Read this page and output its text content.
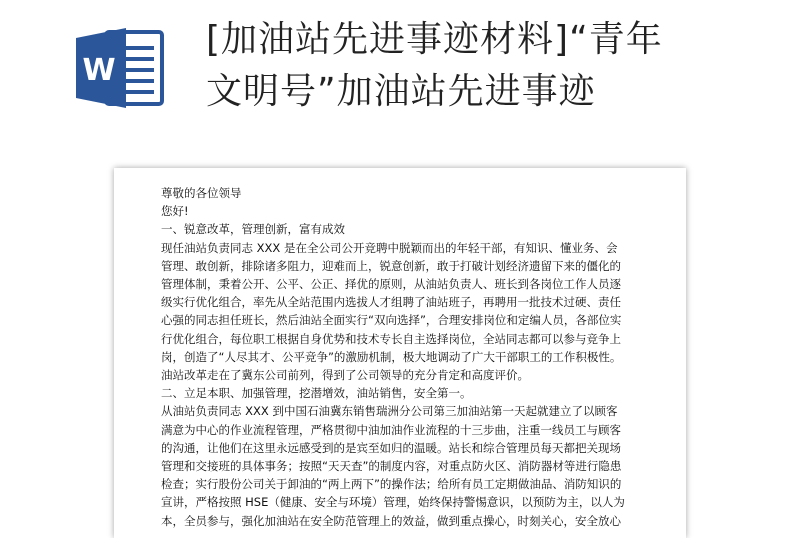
W
[加油站先进事迹材料]“青年
文明号”加油站先进事迹

尊敬的各位领导

您好!

一、锐意改革，管理创新，富有成效

现任油站负责同志 XXX 是在全公司公开竞聘中脱颖而出的年轻干部，有知识、懂业务、会

管理、敢创新，排除诸多阻力，迎难而上，锐意创新，敢于打破计划经济遗留下来的僵化的

管理体制，秉着公开、公平、公正、择优的原则，从油站负责人、班长到各岗位工作人员逐

级实行优化组合，率先从全站范围内选拔人才组聘了油站班子，再聘用一批技术过硬、责任

心强的同志担任班长，然后油站全面实行“双向选择”，合理安排岗位和定编人员，各部位实

行优化组合，每位职工根据自身优势和技术专长自主选择岗位，全站同志都可以参与竞争上

岗，创造了“人尽其才、公平竞争”的激励机制，极大地调动了广大干部职工的工作积极性。

油站改革走在了冀东公司前列，得到了公司领导的充分肯定和高度评价。

二、立足本职、加强管理，挖潜增效，油站销售，安全第一。

从油站负责同志 XXX 到中国石油冀东销售瑞洲分公司第三加油站第一天起就建立了以顾客

满意为中心的作业流程管理，严格贯彻中油加油作业流程的十三步曲，注重一线员工与顾客

的沟通，让他们在这里永远感受到的是宾至如归的温暖。站长和综合管理员每天都把关现场

管理和交接班的具体事务；按照“天天查”的制度内容，对重点防火区、消防器材等进行隐患

检查；实行股份公司关于卸油的“两上两下”的操作法；给所有员工定期做油品、消防知识的

宣讲，严格按照 HSE（健康、安全与环境）管理，始终保持警惕意识，以预防为主，以人为

本，全员参与，强化加油站在安全防范管理上的效益，做到重点操心，时刻关心，安全放心
